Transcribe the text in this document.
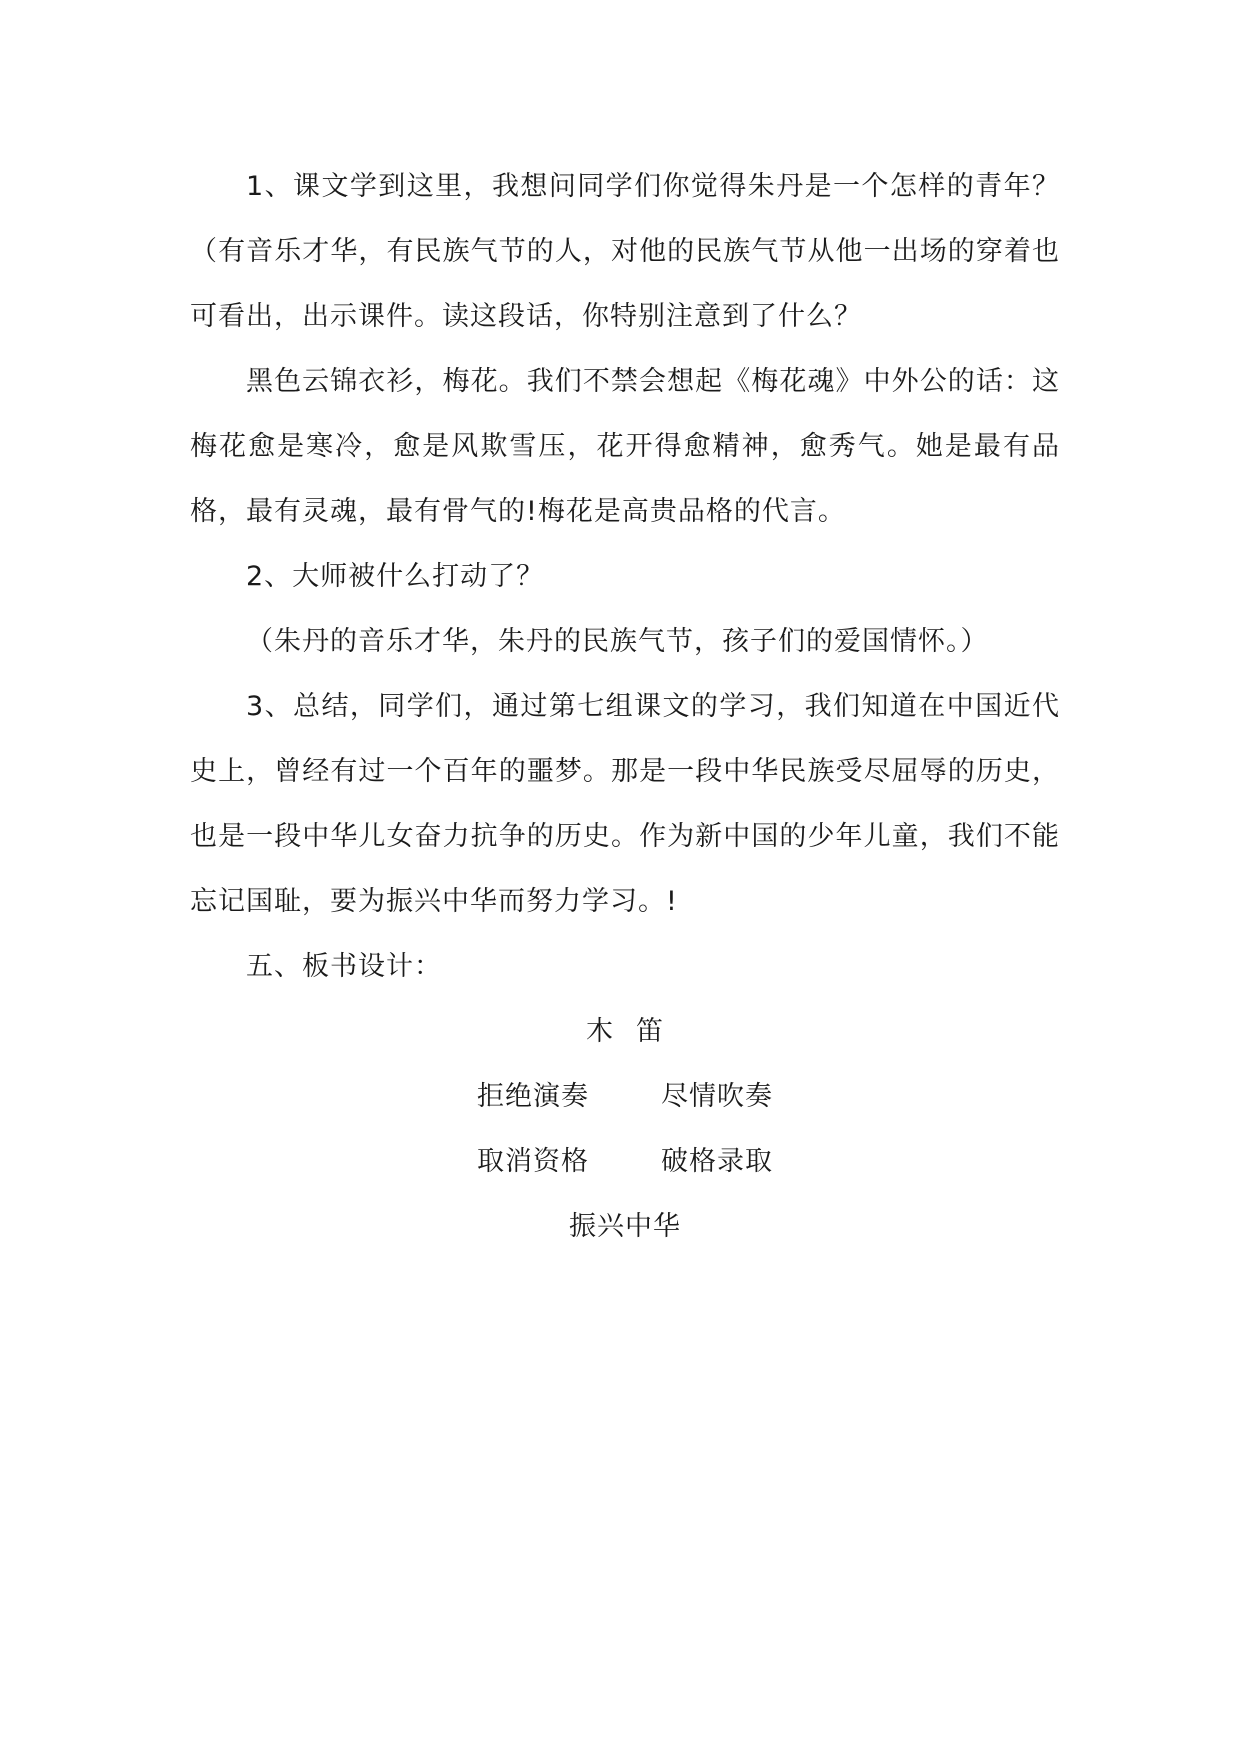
1、课文学到这里，我想问同学们你觉得朱丹是一个怎样的青年？（有音乐才华，有民族气节的人，对他的民族气节从他一出场的穿着也可看出，出示课件。读这段话，你特别注意到了什么？

黑色云锦衣衫，梅花。我们不禁会想起《梅花魂》中外公的话：这梅花愈是寒冷，愈是风欺雪压，花开得愈精神，愈秀气。她是最有品格，最有灵魂，最有骨气的!梅花是高贵品格的代言。

2、大师被什么打动了？

（朱丹的音乐才华，朱丹的民族气节，孩子们的爱国情怀。）

3、总结，同学们，通过第七组课文的学习，我们知道在中国近代史上，曾经有过一个百年的噩梦。那是一段中华民族受尽屈辱的历史，也是一段中华儿女奋力抗争的历史。作为新中国的少年儿童，我们不能忘记国耻，要为振兴中华而努力学习。!

五、板书设计：

木 笛

拒绝演奏	尽情吹奏
取消资格	破格录取

振兴中华
